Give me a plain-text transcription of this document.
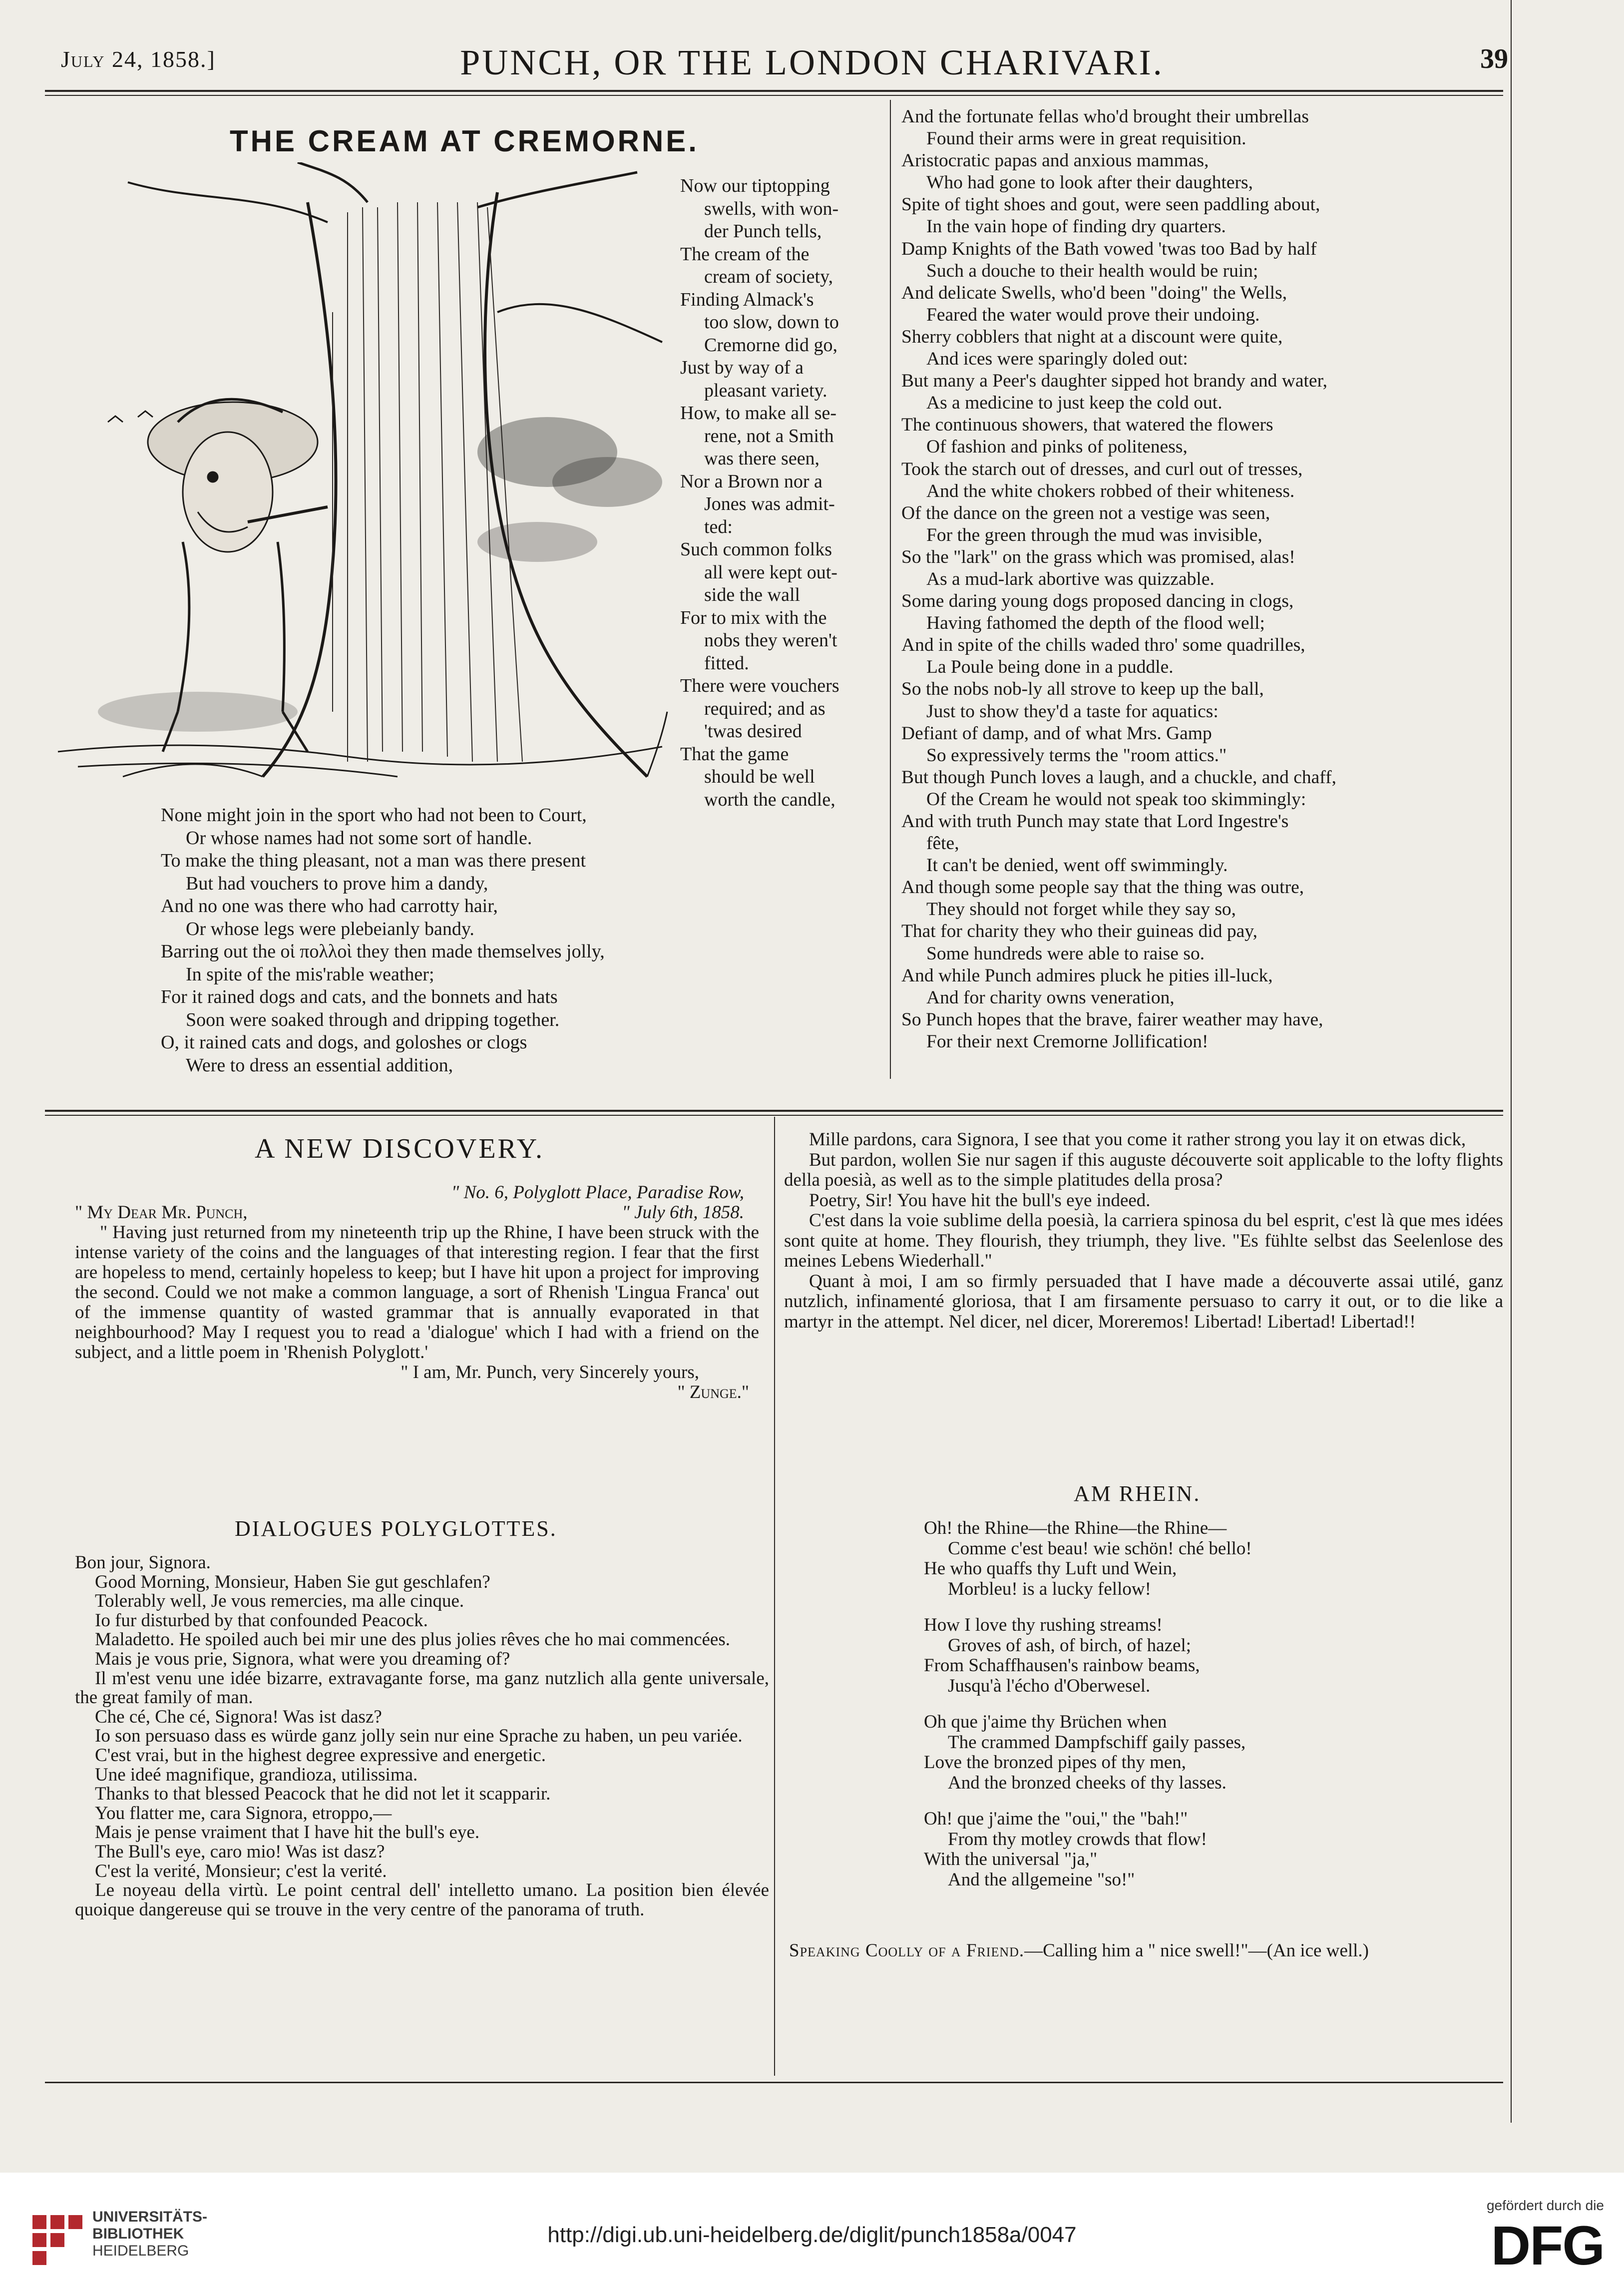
July 24, 1858.]	PUNCH, OR THE LONDON CHARIVARI.	39
THE CREAM AT CREMORNE.
Now our tiptopping
swells, with won-
der Punch tells,
The cream of the
cream of society,
Finding Almack's
too slow, down to
Cremorne did go,
Just by way of a
pleasant variety.
How, to make all se-
rene, not a Smith
was there seen,
Nor a Brown nor a
Jones was admit-
ted:
Such common folks
all were kept out-
side the wall
For to mix with the
nobs they weren't
fitted.
There were vouchers
required; and as
'twas desired
That the game
should be well
worth the candle,
None might join in the sport who had not been to Court,
Or whose names had not some sort of handle.
To make the thing pleasant, not a man was there present
But had vouchers to prove him a dandy,
And no one was there who had carrotty hair,
Or whose legs were plebeianly bandy.
Barring out the οἱ πολλοὶ they then made themselves jolly,
In spite of the mis'rable weather;
For it rained dogs and cats, and the bonnets and hats
Soon were soaked through and dripping together.
O, it rained cats and dogs, and goloshes or clogs
Were to dress an essential addition,
And the fortunate fellas who'd brought their umbrellas
Found their arms were in great requisition.
Aristocratic papas and anxious mammas,
Who had gone to look after their daughters,
Spite of tight shoes and gout, were seen paddling about,
In the vain hope of finding dry quarters.
Damp Knights of the Bath vowed 'twas too Bad by half
Such a douche to their health would be ruin;
And delicate Swells, who'd been "doing" the Wells,
Feared the water would prove their undoing.
Sherry cobblers that night at a discount were quite,
And ices were sparingly doled out:
But many a Peer's daughter sipped hot brandy and water,
As a medicine to just keep the cold out.
The continuous showers, that watered the flowers
Of fashion and pinks of politeness,
Took the starch out of dresses, and curl out of tresses,
And the white chokers robbed of their whiteness.
Of the dance on the green not a vestige was seen,
For the green through the mud was invisible,
So the "lark" on the grass which was promised, alas!
As a mud-lark abortive was quizzable.
Some daring young dogs proposed dancing in clogs,
Having fathomed the depth of the flood well;
And in spite of the chills waded thro' some quadrilles,
La Poule being done in a puddle.
So the nobs nob-ly all strove to keep up the ball,
Just to show they'd a taste for aquatics:
Defiant of damp, and of what Mrs. Gamp
So expressively terms the "room attics."
But though Punch loves a laugh, and a chuckle, and chaff,
Of the Cream he would not speak too skimmingly:
And with truth Punch may state that Lord Ingestre's
fête,
It can't be denied, went off swimmingly.
And though some people say that the thing was outre,
They should not forget while they say so,
That for charity they who their guineas did pay,
Some hundreds were able to raise so.
And while Punch admires pluck he pities ill-luck,
And for charity owns veneration,
So Punch hopes that the brave, fairer weather may have,
For their next Cremorne Jollification!
A NEW DISCOVERY.
" No. 6, Polyglott Place, Paradise Row,
" My Dear Mr. Punch,	" July 6th, 1858.

" Having just returned from my nineteenth trip up the Rhine, I have been struck with the intense variety of the coins and the languages of that interesting region. I fear that the first are hopeless to mend, certainly hopeless to keep; but I have hit upon a project for improving the second. Could we not make a common language, a sort of Rhenish 'Lingua Franca' out of the immense quantity of wasted grammar that is annually evaporated in that neighbourhood? May I request you to read a 'dialogue' which I had with a friend on the subject, and a little poem in 'Rhenish Polyglott.'

" I am, Mr. Punch, very Sincerely yours,
" Zunge."
DIALOGUES POLYGLOTTES.

Bon jour, Signora.

Good Morning, Monsieur, Haben Sie gut geschlafen?

Tolerably well, Je vous remercies, ma alle cinque.

Io fur disturbed by that confounded Peacock.

Maladetto. He spoiled auch bei mir une des plus jolies rêves che ho mai commencées.

Mais je vous prie, Signora, what were you dreaming of?

Il m'est venu une idée bizarre, extravagante forse, ma ganz nutzlich alla gente universale, the great family of man.

Che cé, Che cé, Signora! Was ist dasz?

Io son persuaso dass es würde ganz jolly sein nur eine Sprache zu haben, un peu variée.

C'est vrai, but in the highest degree expressive and energetic.

Une ideé magnifique, grandioza, utilissima.

Thanks to that blessed Peacock that he did not let it scapparir.

You flatter me, cara Signora, etroppo,—

Mais je pense vraiment that I have hit the bull's eye.

The Bull's eye, caro mio! Was ist dasz?

C'est la verité, Monsieur; c'est la verité.

Le noyeau della virtù. Le point central dell' intelletto umano. La position bien élevée quoique dangereuse qui se trouve in the very centre of the panorama of truth.

Mille pardons, cara Signora, I see that you come it rather strong you lay it on etwas dick,

But pardon, wollen Sie nur sagen if this auguste découverte soit applicable to the lofty flights della poesià, as well as to the simple platitudes della prosa?

Poetry, Sir! You have hit the bull's eye indeed.

C'est dans la voie sublime della poesià, la carriera spinosa du bel esprit, c'est là que mes idées sont quite at home. They flourish, they triumph, they live. "Es fühlte selbst das Seelenlose des meines Lebens Wiederhall."

Quant à moi, I am so firmly persuaded that I have made a découverte assai utilé, ganz nutzlich, infinamenté gloriosa, that I am firsamente persuaso to carry it out, or to die like a martyr in the attempt. Nel dicer, nel dicer, Moreremos! Libertad! Libertad! Libertad!!

AM RHEIN.
Oh! the Rhine—the Rhine—the Rhine—
Comme c'est beau! wie schön! ché bello!
He who quaffs thy Luft und Wein,
Morbleu! is a lucky fellow!
How I love thy rushing streams!
Groves of ash, of birch, of hazel;
From Schaffhausen's rainbow beams,
Jusqu'à l'écho d'Oberwesel.
Oh que j'aime thy Brüchen when
The crammed Dampfschiff gaily passes,
Love the bronzed pipes of thy men,
And the bronzed cheeks of thy lasses.
Oh! que j'aime the "oui," the "bah!"
From thy motley crowds that flow!
With the universal "ja,"
And the allgemeine "so!"
Speaking Coolly of a Friend.—Calling him a " nice swell!"—(An ice well.)
UNIVERSITÄTS-
BIBLIOTHEK
HEIDELBERG
http://digi.ub.uni-heidelberg.de/diglit/punch1858a/0047
gefördert durch die
DFG
